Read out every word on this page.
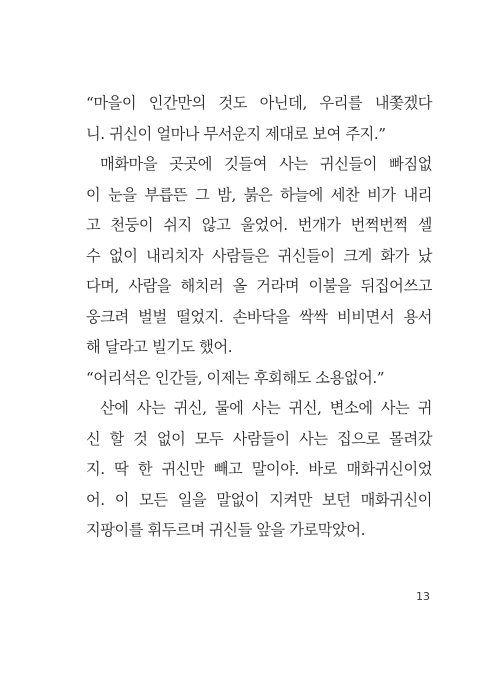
“마을이 인간만의 것도 아닌데, 우리를 내쫓겠다
니. 귀신이 얼마나 무서운지 제대로 보여 주지.”
매화마을 곳곳에 깃들여 사는 귀신들이 빠짐없
이 눈을 부릅뜬 그 밤, 붉은 하늘에 세찬 비가 내리
고 천둥이 쉬지 않고 울었어. 번개가 번쩍번쩍 셀
수 없이 내리치자 사람들은 귀신들이 크게 화가 났
다며, 사람을 해치러 올 거라며 이불을 뒤집어쓰고
웅크려 벌벌 떨었지. 손바닥을 싹싹 비비면서 용서
해 달라고 빌기도 했어.
“어리석은 인간들, 이제는 후회해도 소용없어.”
산에 사는 귀신, 물에 사는 귀신, 변소에 사는 귀
신 할 것 없이 모두 사람들이 사는 집으로 몰려갔
지. 딱 한 귀신만 빼고 말이야. 바로 매화귀신이었
어. 이 모든 일을 말없이 지켜만 보던 매화귀신이
지팡이를 휘두르며 귀신들 앞을 가로막았어.
13
